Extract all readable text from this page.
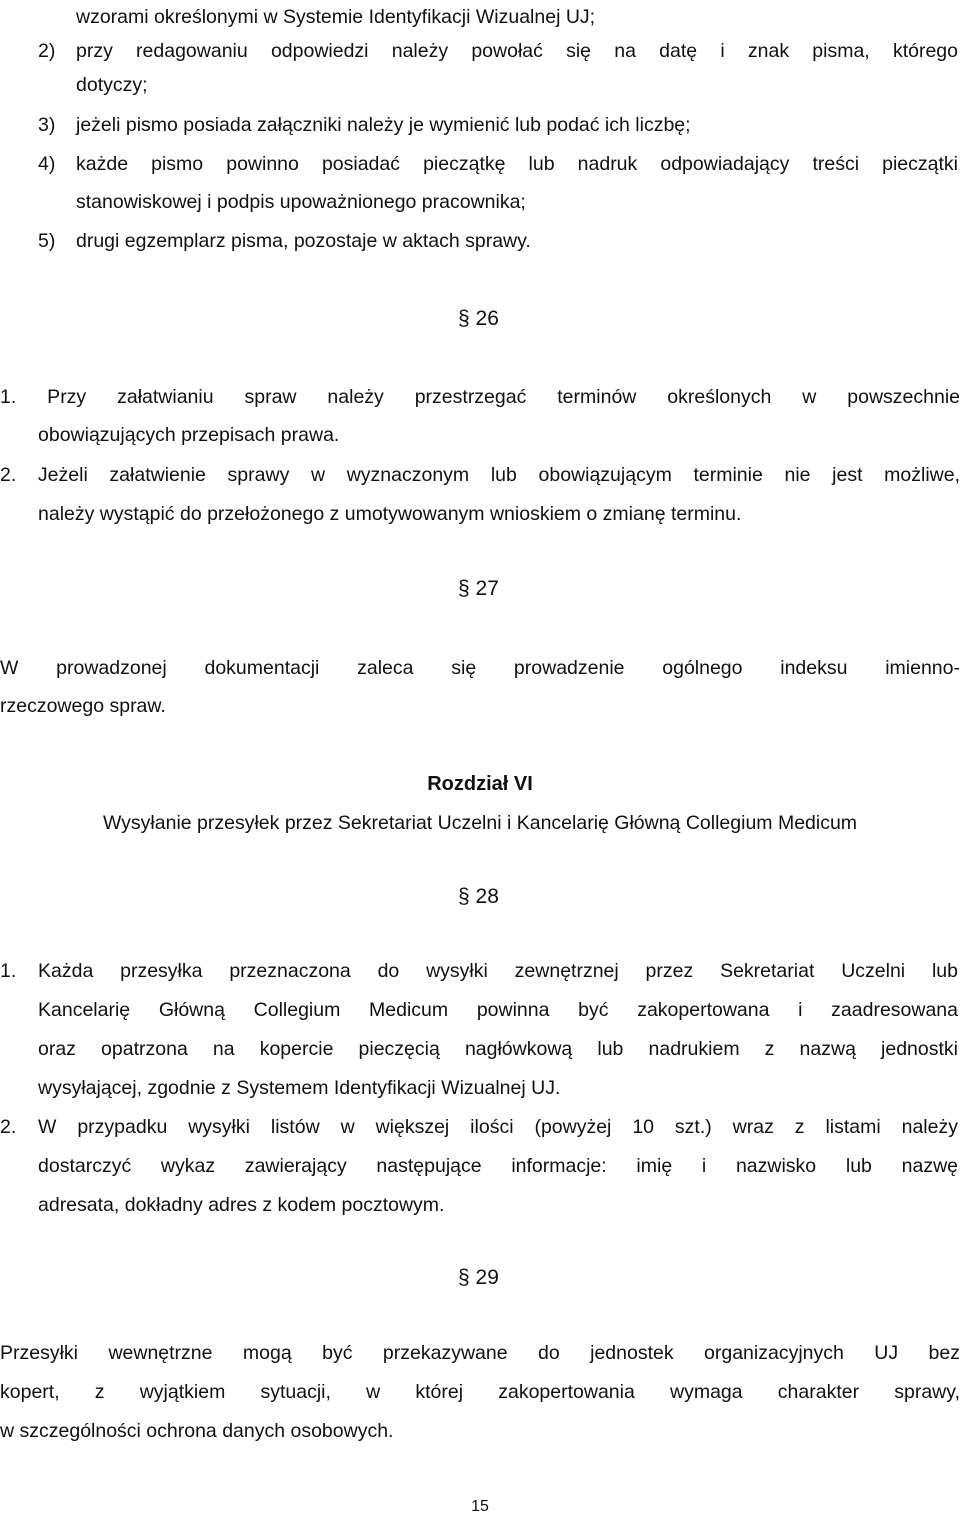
wzorami określonymi w Systemie Identyfikacji Wizualnej UJ;
2) przy redagowaniu odpowiedzi należy powołać się na datę i znak pisma, którego
dotyczy;
3) jeżeli pismo posiada załączniki należy je wymienić lub podać ich liczbę;
4) każde pismo powinno posiadać pieczątkę lub nadruk odpowiadający treści pieczątki
stanowiskowej i podpis upoważnionego pracownika;
5) drugi egzemplarz pisma, pozostaje w aktach sprawy.
§ 26
1. Przy załatwianiu spraw należy przestrzegać terminów określonych w powszechnie
obowiązujących przepisach prawa.
2. Jeżeli załatwienie sprawy w wyznaczonym lub obowiązującym terminie nie jest możliwe,
należy wystąpić do przełożonego z umotywowanym wnioskiem o zmianę terminu.
§ 27
W prowadzonej dokumentacji zaleca się prowadzenie ogólnego indeksu imienno-
rzeczowego spraw.
Rozdział VI
Wysyłanie przesyłek przez Sekretariat Uczelni i Kancelarię Główną Collegium Medicum
§ 28
1. Każda przesyłka przeznaczona do wysyłki zewnętrznej przez Sekretariat Uczelni lub
Kancelarię Główną Collegium Medicum powinna być zakopertowana i zaadresowana
oraz opatrzona na kopercie pieczęcią nagłówkową lub nadrukiem z nazwą jednostki
wysyłającej, zgodnie z Systemem Identyfikacji Wizualnej UJ.
2. W przypadku wysyłki listów w większej ilości (powyżej 10 szt.) wraz z listami należy
dostarczyć wykaz zawierający następujące informacje: imię i nazwisko lub nazwę
adresata, dokładny adres z kodem pocztowym.
§ 29
Przesyłki wewnętrzne mogą być przekazywane do jednostek organizacyjnych UJ bez
kopert, z wyjątkiem sytuacji, w której zakopertowania wymaga charakter sprawy,
w szczególności ochrona danych osobowych.
15
